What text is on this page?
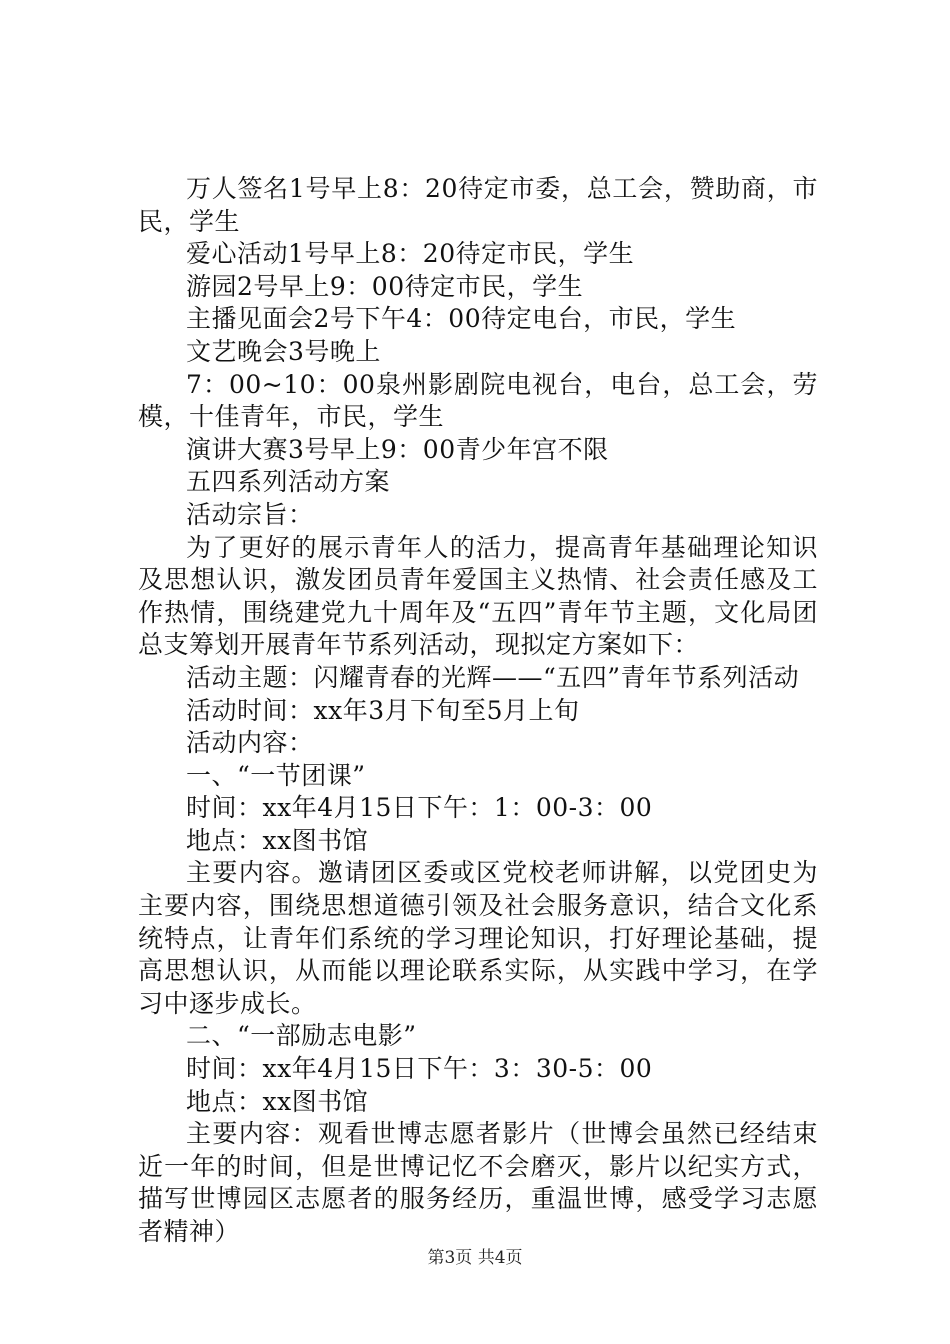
万人签名1号早上8：20待定市委，总工会，赞助商，市民，学生

爱心活动1号早上8：20待定市民，学生

游园2号早上9：00待定市民，学生

主播见面会2号下午4：00待定电台，市民，学生

文艺晚会3号晚上

7：00~10：00泉州影剧院电视台，电台，总工会，劳模，十佳青年，市民，学生

演讲大赛3号早上9：00青少年宫不限

五四系列活动方案

活动宗旨：

为了更好的展示青年人的活力，提高青年基础理论知识及思想认识，激发团员青年爱国主义热情、社会责任感及工作热情，围绕建党九十周年及“五四”青年节主题，文化局团总支筹划开展青年节系列活动，现拟定方案如下：

活动主题：闪耀青春的光辉——“五四”青年节系列活动

活动时间：xx年3月下旬至5月上旬

活动内容：

一、“一节团课”

时间：xx年4月15日下午：1：00-3：00

地点：xx图书馆

主要内容。邀请团区委或区党校老师讲解，以党团史为主要内容，围绕思想道德引领及社会服务意识，结合文化系统特点，让青年们系统的学习理论知识，打好理论基础，提高思想认识，从而能以理论联系实际，从实践中学习，在学习中逐步成长。

二、“一部励志电影”

时间：xx年4月15日下午：3：30-5：00

地点：xx图书馆

主要内容：观看世博志愿者影片（世博会虽然已经结束近一年的时间，但是世博记忆不会磨灭，影片以纪实方式，描写世博园区志愿者的服务经历，重温世博，感受学习志愿者精神）

第3页 共4页
